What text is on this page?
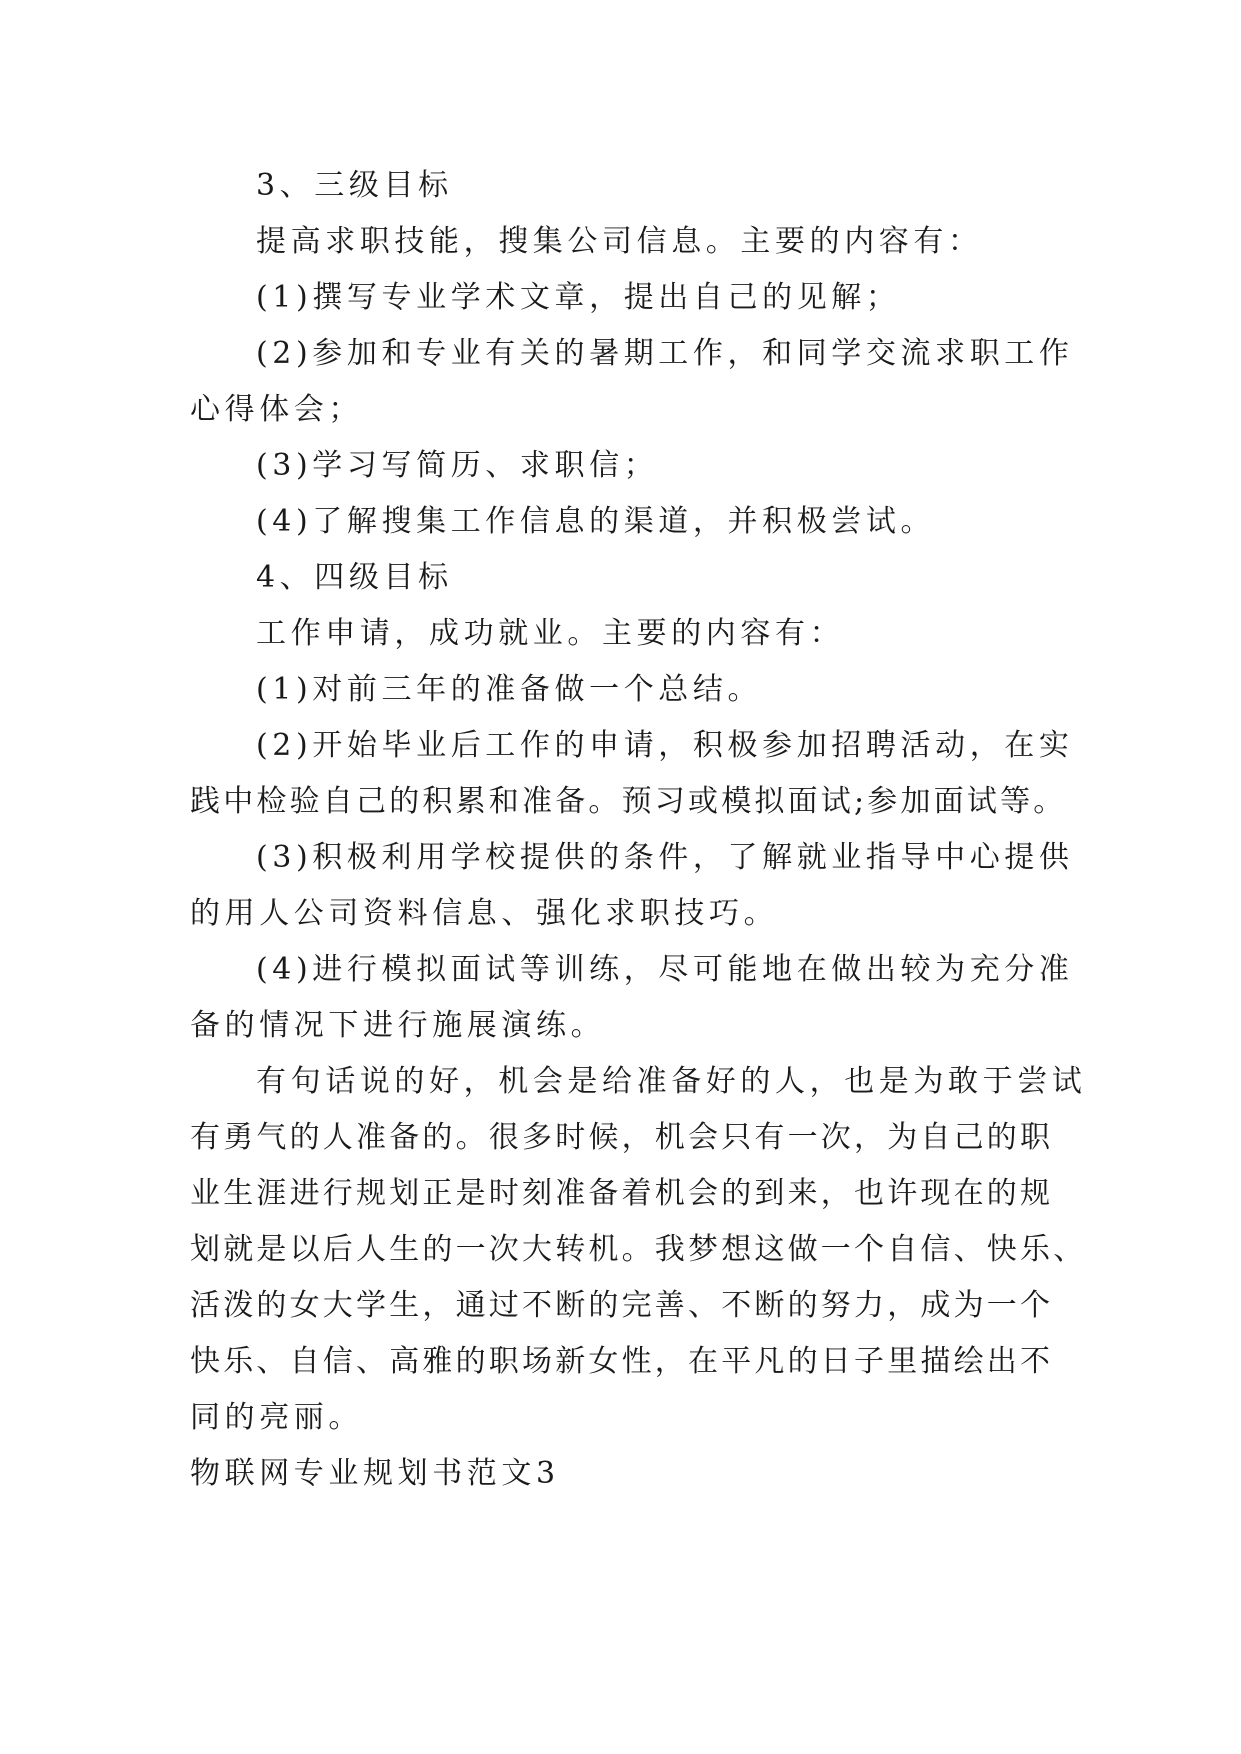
3、三级目标
提高求职技能，搜集公司信息。主要的内容有：
(1)撰写专业学术文章，提出自己的见解；
(2)参加和专业有关的暑期工作，和同学交流求职工作
心得体会；
(3)学习写简历、求职信；
(4)了解搜集工作信息的渠道，并积极尝试。
4、四级目标
工作申请，成功就业。主要的内容有：
(1)对前三年的准备做一个总结。
(2)开始毕业后工作的申请，积极参加招聘活动，在实
践中检验自己的积累和准备。预习或模拟面试;参加面试等。
(3)积极利用学校提供的条件，了解就业指导中心提供
的用人公司资料信息、强化求职技巧。
(4)进行模拟面试等训练，尽可能地在做出较为充分准
备的情况下进行施展演练。
有句话说的好，机会是给准备好的人，也是为敢于尝试
有勇气的人准备的。很多时候，机会只有一次，为自己的职
业生涯进行规划正是时刻准备着机会的到来，也许现在的规
划就是以后人生的一次大转机。我梦想这做一个自信、快乐、
活泼的女大学生，通过不断的完善、不断的努力，成为一个
快乐、自信、高雅的职场新女性，在平凡的日子里描绘出不
同的亮丽。
物联网专业规划书范文3
